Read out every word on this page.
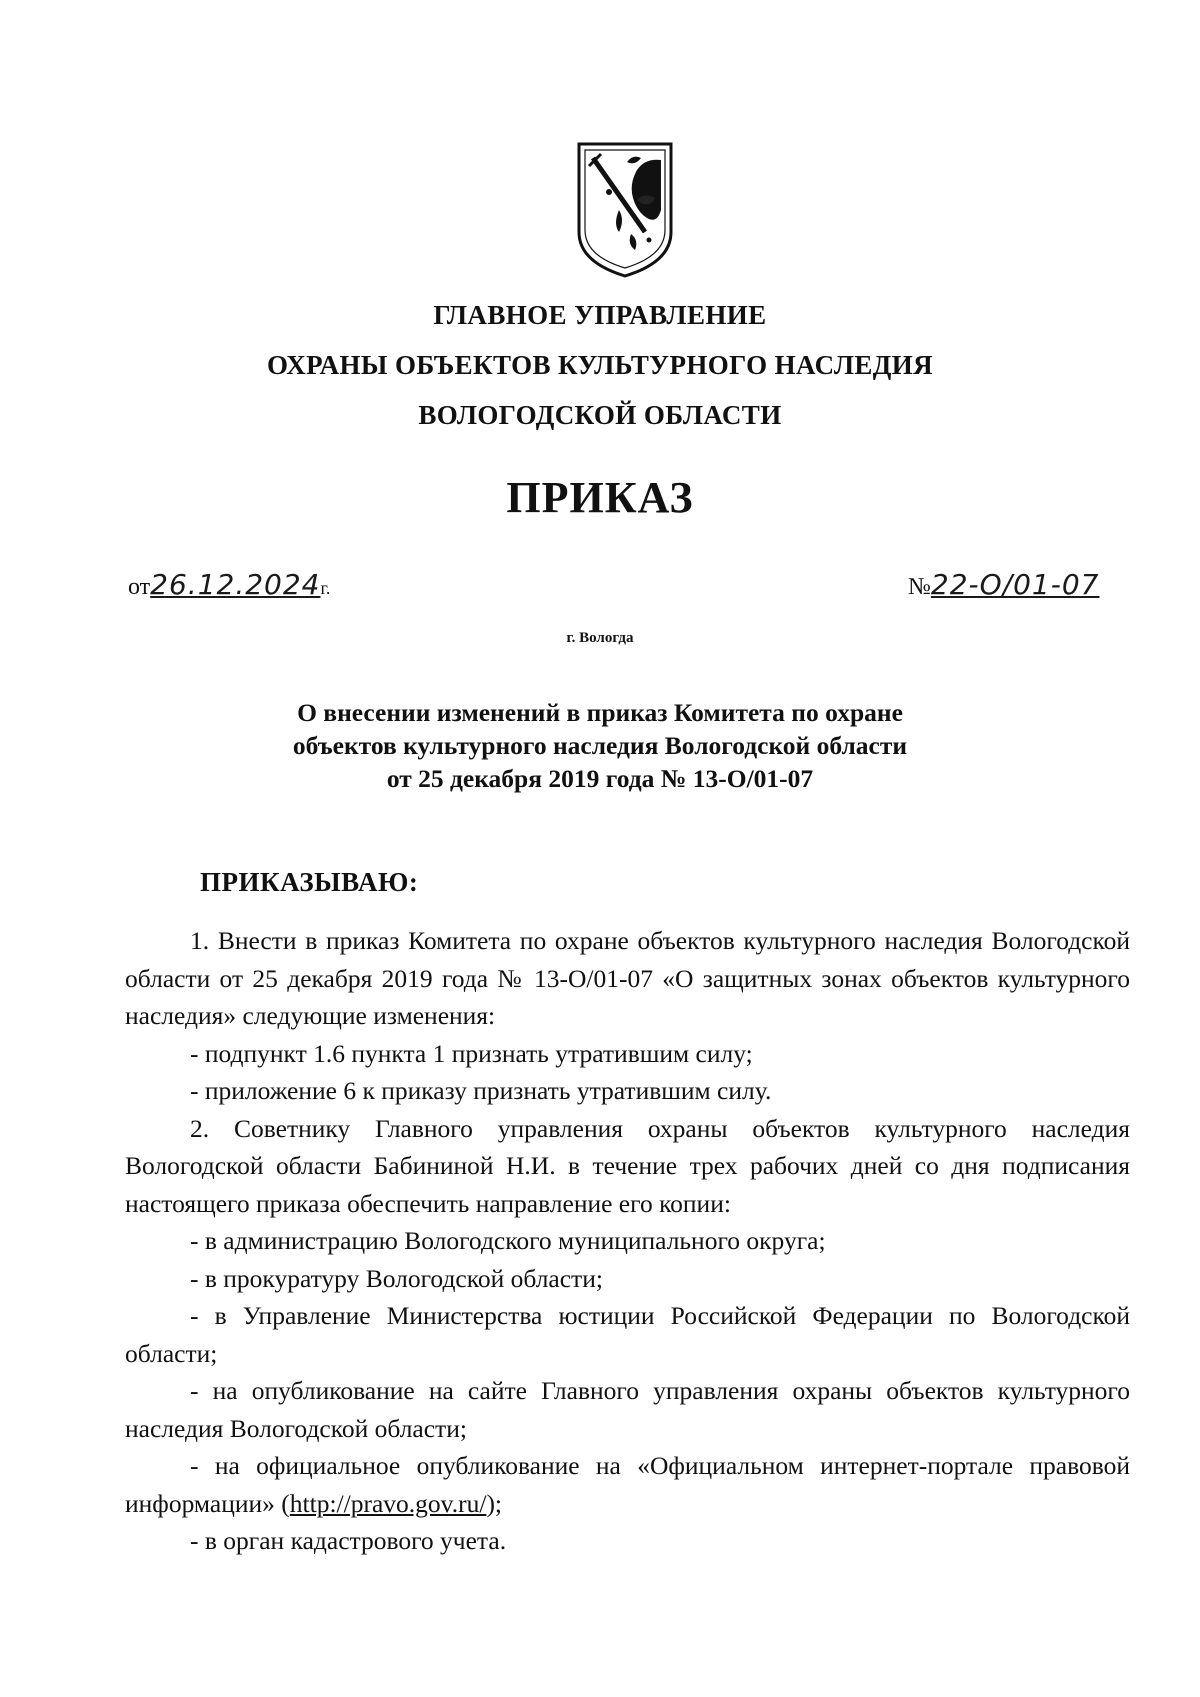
ГЛАВНОЕ УПРАВЛЕНИЕ
ОХРАНЫ ОБЪЕКТОВ КУЛЬТУРНОГО НАСЛЕДИЯ
ВОЛОГОДСКОЙ ОБЛАСТИ
ПРИКАЗ
от26.12.2024г.	№22-О/01-07
г. Вологда
О внесении изменений в приказ Комитета по охране
объектов культурного наследия Вологодской области
от 25 декабря 2019 года № 13-О/01-07
ПРИКАЗЫВАЮ:

1. Внести в приказ Комитета по охране объектов культурного наследия Вологодской области от 25 декабря 2019 года № 13-О/01-07 «О защитных зонах объектов культурного наследия» следующие изменения:

- подпункт 1.6 пункта 1 признать утратившим силу;

- приложение 6 к приказу признать утратившим силу.

2. Советнику Главного управления охраны объектов культурного наследия Вологодской области Бабининой Н.И. в течение трех рабочих дней со дня подписания настоящего приказа обеспечить направление его копии:

- в администрацию Вологодского муниципального округа;

- в прокуратуру Вологодской области;

- в Управление Министерства юстиции Российской Федерации по Вологодской области;

- на опубликование на сайте Главного управления охраны объектов культурного наследия Вологодской области;

- на официальное опубликование на «Официальном интернет-портале правовой информации» (http://pravo.gov.ru/);

- в орган кадастрового учета.
